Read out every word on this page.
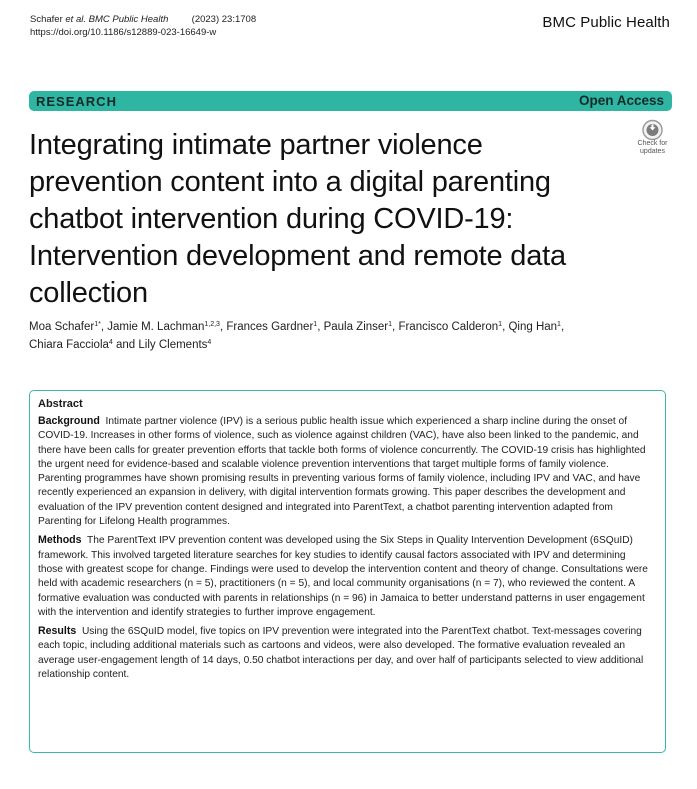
Schafer et al. BMC Public Health (2023) 23:1708
https://doi.org/10.1186/s12889-023-16649-w
BMC Public Health
RESEARCH	Open Access
Integrating intimate partner violence prevention content into a digital parenting chatbot intervention during COVID-19: Intervention development and remote data collection
Check for
updates
Moa Schafer$^{1*}$, Jamie M. Lachman$^{1,2,3}$, Frances Gardner$^1$, Paula Zinser$^1$, Francisco Calderon$^1$, Qing Han$^1$,
Chiara Facciola$^4$ and Lily Clements$^4$
Abstract

Background Intimate partner violence (IPV) is a serious public health issue which experienced a sharp incline during the onset of COVID-19. Increases in other forms of violence, such as violence against children (VAC), have also been linked to the pandemic, and there have been calls for greater prevention efforts that tackle both forms of violence concurrently. The COVID-19 crisis has highlighted the urgent need for evidence-based and scalable violence prevention interventions that target multiple forms of family violence. Parenting programmes have shown promising results in preventing various forms of family violence, including IPV and VAC, and have recently experienced an expansion in delivery, with digital intervention formats growing. This paper describes the development and evaluation of the IPV prevention content designed and integrated into ParentText, a chatbot parenting intervention adapted from Parenting for Lifelong Health programmes.

Methods The ParentText IPV prevention content was developed using the Six Steps in Quality Intervention Development (6SQuID) framework. This involved targeted literature searches for key studies to identify causal factors associated with IPV and determining those with greatest scope for change. Findings were used to develop the intervention content and theory of change. Consultations were held with academic researchers (n = 5), practitioners (n = 5), and local community organisations (n = 7), who reviewed the content. A formative evaluation was conducted with parents in relationships (n = 96) in Jamaica to better understand patterns in user engagement with the intervention and identify strategies to further improve engagement.

Results Using the 6SQuID model, five topics on IPV prevention were integrated into the ParentText chatbot. Text-messages covering each topic, including additional materials such as cartoons and videos, were also developed. The formative evaluation revealed an average user-engagement length of 14 days, 0.50 chatbot interactions per day, and over half of participants selected to view additional relationship content.
